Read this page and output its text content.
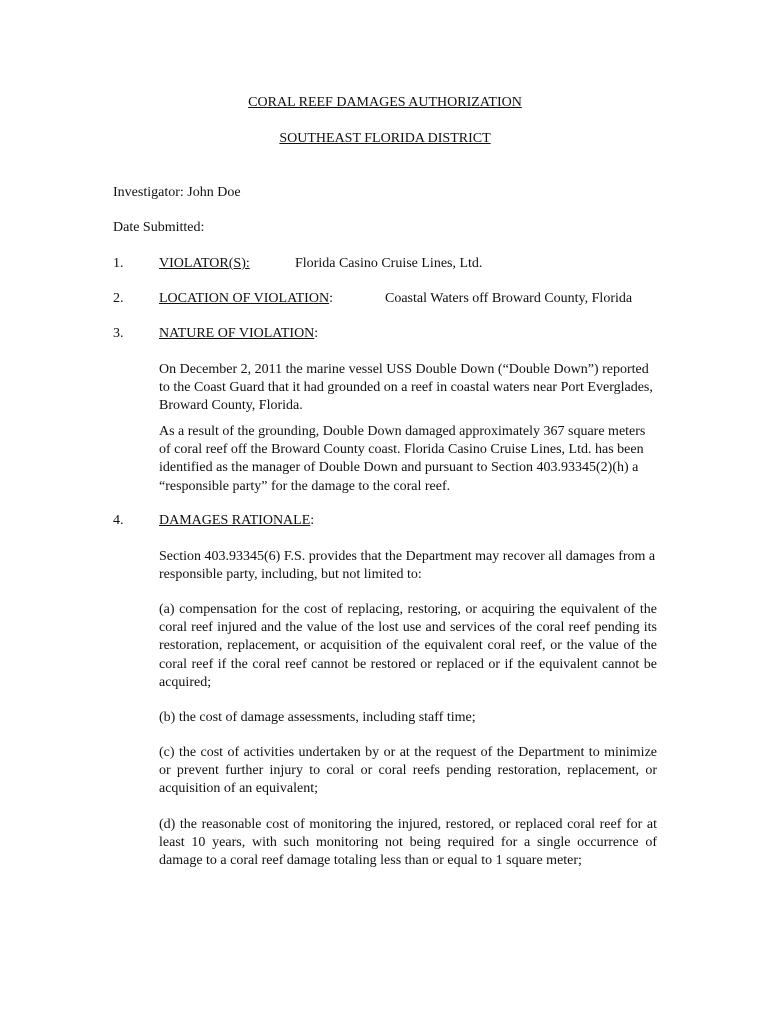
CORAL REEF DAMAGES AUTHORIZATION
SOUTHEAST FLORIDA DISTRICT
Investigator: John Doe
Date Submitted:
1.	VIOLATOR(S):	Florida Casino Cruise Lines, Ltd.
2.	LOCATION OF VIOLATION:	Coastal Waters off Broward County, Florida
3.	NATURE OF VIOLATION:

On December 2, 2011 the marine vessel USS Double Down (“Double Down”) reported to the Coast Guard that it had grounded on a reef in coastal waters near Port Everglades, Broward County, Florida.

As a result of the grounding, Double Down damaged approximately 367 square meters of coral reef off the Broward County coast. Florida Casino Cruise Lines, Ltd. has been identified as the manager of Double Down and pursuant to Section 403.93345(2)(h) a “responsible party” for the damage to the coral reef.

4.	DAMAGES RATIONALE:

Section 403.93345(6) F.S. provides that the Department may recover all damages from a responsible party, including, but not limited to:

(a) compensation for the cost of replacing, restoring, or acquiring the equivalent of the coral reef injured and the value of the lost use and services of the coral reef pending its restoration, replacement, or acquisition of the equivalent coral reef, or the value of the coral reef if the coral reef cannot be restored or replaced or if the equivalent cannot be acquired;

(b) the cost of damage assessments, including staff time;

(c) the cost of activities undertaken by or at the request of the Department to minimize or prevent further injury to coral or coral reefs pending restoration, replacement, or acquisition of an equivalent;

(d) the reasonable cost of monitoring the injured, restored, or replaced coral reef for at least 10 years, with such monitoring not being required for a single occurrence of damage to a coral reef damage totaling less than or equal to 1 square meter;
